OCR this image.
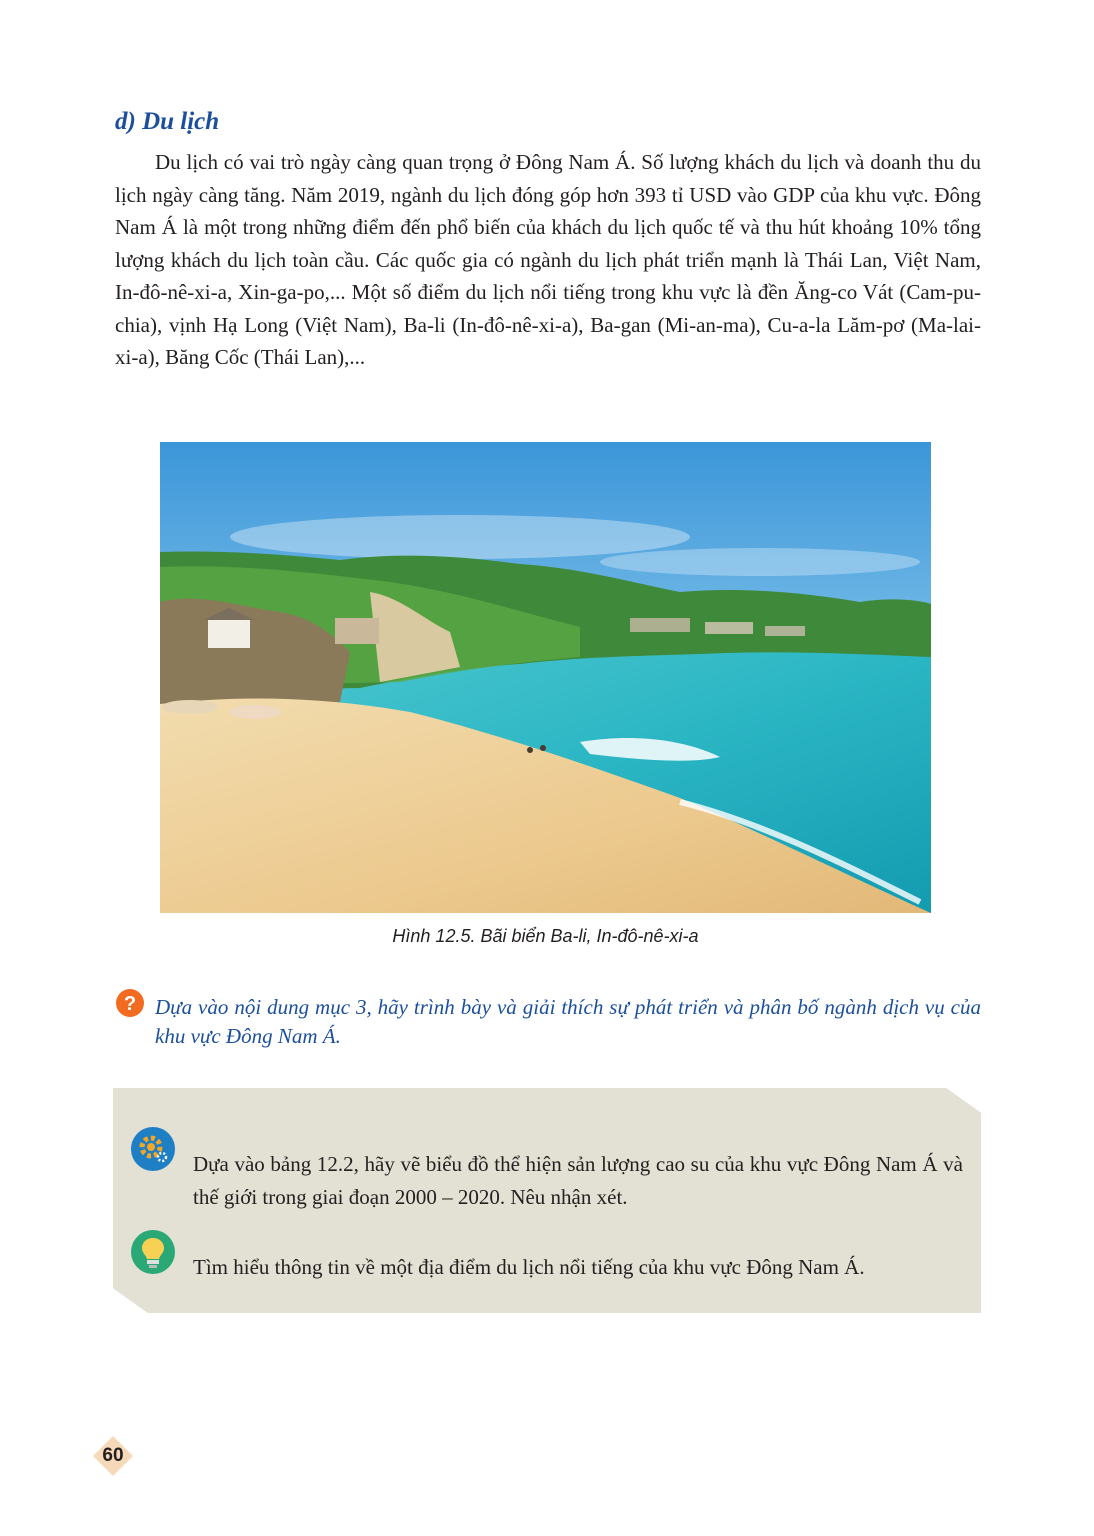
d) Du lịch

Du lịch có vai trò ngày càng quan trọng ở Đông Nam Á. Số lượng khách du lịch và doanh thu du lịch ngày càng tăng. Năm 2019, ngành du lịch đóng góp hơn 393 tỉ USD vào GDP của khu vực. Đông Nam Á là một trong những điểm đến phổ biến của khách du lịch quốc tế và thu hút khoảng 10% tổng lượng khách du lịch toàn cầu. Các quốc gia có ngành du lịch phát triển mạnh là Thái Lan, Việt Nam, In-đô-nê-xi-a, Xin-ga-po,... Một số điểm du lịch nổi tiếng trong khu vực là đền Ăng-co Vát (Cam-pu-chia), vịnh Hạ Long (Việt Nam), Ba-li (In-đô-nê-xi-a), Ba-gan (Mi-an-ma), Cu-a-la Lăm-pơ (Ma-lai-xi-a), Băng Cốc (Thái Lan),...

Hình 12.5. Bãi biển Ba-li, In-đô-nê-xi-a

? Dựa vào nội dung mục 3, hãy trình bày và giải thích sự phát triển và phân bố ngành dịch vụ của khu vực Đông Nam Á.

Dựa vào bảng 12.2, hãy vẽ biểu đồ thể hiện sản lượng cao su của khu vực Đông Nam Á và thế giới trong giai đoạn 2000 – 2020. Nêu nhận xét.

Tìm hiểu thông tin về một địa điểm du lịch nổi tiếng của khu vực Đông Nam Á.

60
